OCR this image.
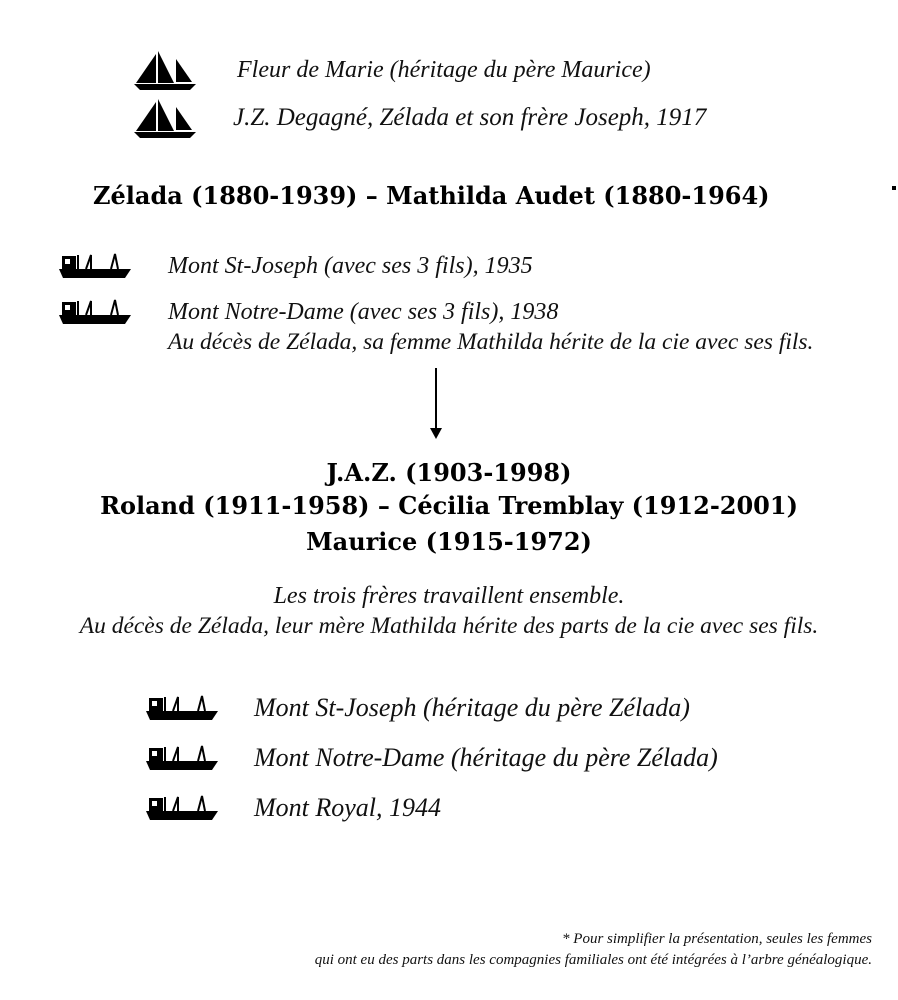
Fleur de Marie (héritage du père Maurice)
J.Z. Degagné, Zélada et son frère Joseph, 1917
Zélada (1880-1939) – Mathilda Audet (1880-1964)
Mont St-Joseph (avec ses 3 fils), 1935
Mont Notre-Dame (avec ses 3 fils), 1938
Au décès de Zélada, sa femme Mathilda hérite de la cie avec ses fils.
J.A.Z. (1903-1998)
Roland (1911-1958) – Cécilia Tremblay (1912-2001)
Maurice (1915-1972)
Les trois frères travaillent ensemble.
Au décès de Zélada, leur mère Mathilda hérite des parts de la cie avec ses fils.
Mont St-Joseph (héritage du père Zélada)
Mont Notre-Dame (héritage du père Zélada)
Mont Royal, 1944
* Pour simplifier la présentation, seules les femmes
qui ont eu des parts dans les compagnies familiales ont été intégrées à l’arbre généalogique.
